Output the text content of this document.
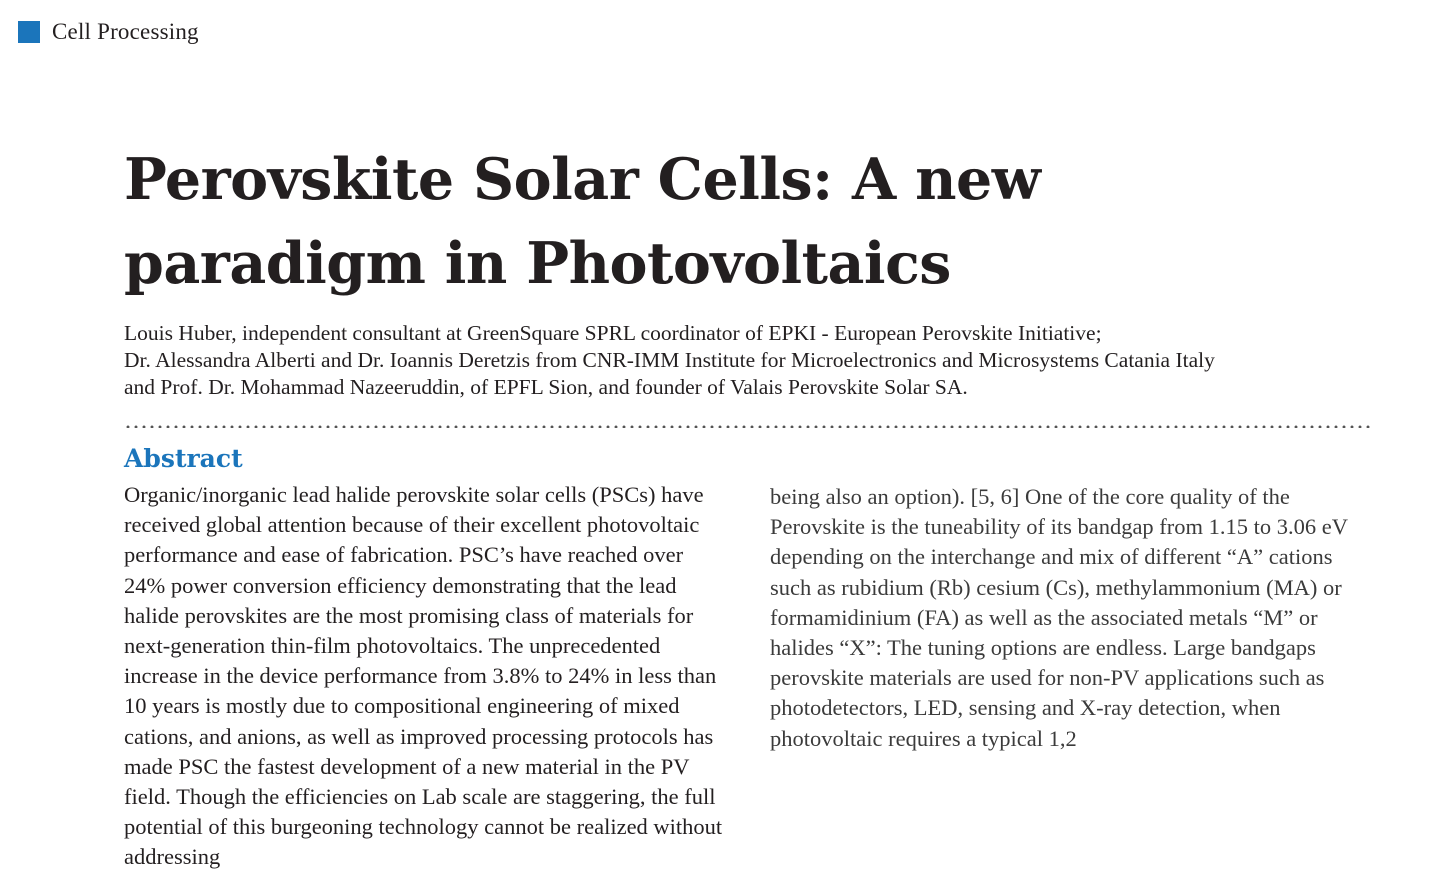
Cell Processing
Perovskite Solar Cells: A new paradigm in Photovoltaics
Louis Huber, independent consultant at GreenSquare SPRL coordinator of EPKI - European Perovskite Initiative;
Dr. Alessandra Alberti and Dr. Ioannis Deretzis from CNR-IMM Institute for Microelectronics and Microsystems Catania Italy
and Prof. Dr. Mohammad Nazeeruddin, of EPFL Sion, and founder of Valais Perovskite Solar SA.
Abstract

Organic/inorganic lead halide perovskite solar cells (PSCs) have received global attention because of their excellent photovoltaic performance and ease of fabrication. PSC’s have reached over 24% power conversion efficiency demonstrating that the lead halide perovskites are the most promising class of materials for next-generation thin-film photovoltaics. The unprecedented increase in the device performance from 3.8% to 24% in less than 10 years is mostly due to compositional engineering of mixed cations, and anions, as well as improved processing protocols has made PSC the fastest development of a new material in the PV field. Though the efficiencies on Lab scale are staggering, the full potential of this burgeoning technology cannot be realized without addressing

being also an option). [5, 6] One of the core quality of the Perovskite is the tuneability of its bandgap from 1.15 to 3.06 eV depending on the interchange and mix of different “A” cations such as rubidium (Rb) cesium (Cs), methylammonium (MA) or formamidinium (FA) as well as the associated metals “M” or halides “X”: The tuning options are endless. Large bandgaps perovskite materials are used for non-PV applications such as photodetectors, LED, sensing and X-ray detection, when photovoltaic requires a typical 1,2
